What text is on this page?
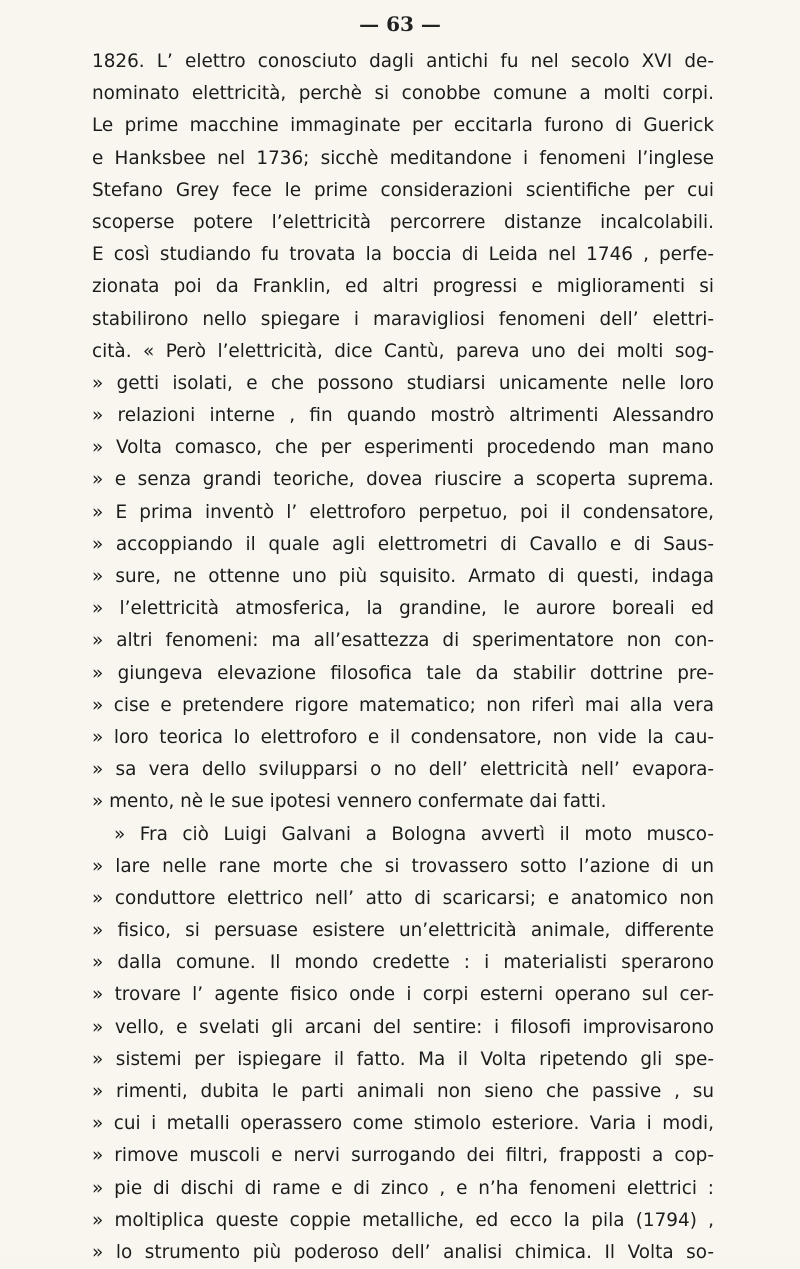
— 63 —
1826. L’ elettro conosciuto dagli antichi fu nel secolo XVI de-
nominato elettricità, perchè si conobbe comune a molti corpi.
Le prime macchine immaginate per eccitarla furono di Guerick
e Hanksbee nel 1736; sicchè meditandone i fenomeni l’inglese
Stefano Grey fece le prime considerazioni scientifiche per cui
scoperse potere l’elettricità percorrere distanze incalcolabili.
E così studiando fu trovata la boccia di Leida nel 1746 , perfe-
zionata poi da Franklin, ed altri progressi e miglioramenti si
stabilirono nello spiegare i maravigliosi fenomeni dell’ elettri-
cità. « Però l’elettricità, dice Cantù, pareva uno dei molti sog-
» getti isolati, e che possono studiarsi unicamente nelle loro
» relazioni interne , fin quando mostrò altrimenti Alessandro
» Volta comasco, che per esperimenti procedendo man mano
» e senza grandi teoriche, dovea riuscire a scoperta suprema.
» E prima inventò l’ elettroforo perpetuo, poi il condensatore,
» accoppiando il quale agli elettrometri di Cavallo e di Saus-
» sure, ne ottenne uno più squisito. Armato di questi, indaga
» l’elettricità atmosferica, la grandine, le aurore boreali ed
» altri fenomeni: ma all’esattezza di sperimentatore non con-
» giungeva elevazione filosofica tale da stabilir dottrine pre-
» cise e pretendere rigore matematico; non riferì mai alla vera
» loro teorica lo elettroforo e il condensatore, non vide la cau-
» sa vera dello svilupparsi o no dell’ elettricità nell’ evapora-
» mento, nè le sue ipotesi vennero confermate dai fatti.
» Fra ciò Luigi Galvani a Bologna avvertì il moto musco-
» lare nelle rane morte che si trovassero sotto l’azione di un
» conduttore elettrico nell’ atto di scaricarsi; e anatomico non
» fisico, si persuase esistere un’elettricità animale, differente
» dalla comune. Il mondo credette : i materialisti sperarono
» trovare l’ agente fisico onde i corpi esterni operano sul cer-
» vello, e svelati gli arcani del sentire: i filosofi improvisarono
» sistemi per ispiegare il fatto. Ma il Volta ripetendo gli spe-
» rimenti, dubita le parti animali non sieno che passive , su
» cui i metalli operassero come stimolo esteriore. Varia i modi,
» rimove muscoli e nervi surrogando dei filtri, frapposti a cop-
» pie di dischi di rame e di zinco , e n’ha fenomeni elettrici :
» moltiplica queste coppie metalliche, ed ecco la pila (1794) ,
» lo strumento più poderoso dell’ analisi chimica. Il Volta so-
